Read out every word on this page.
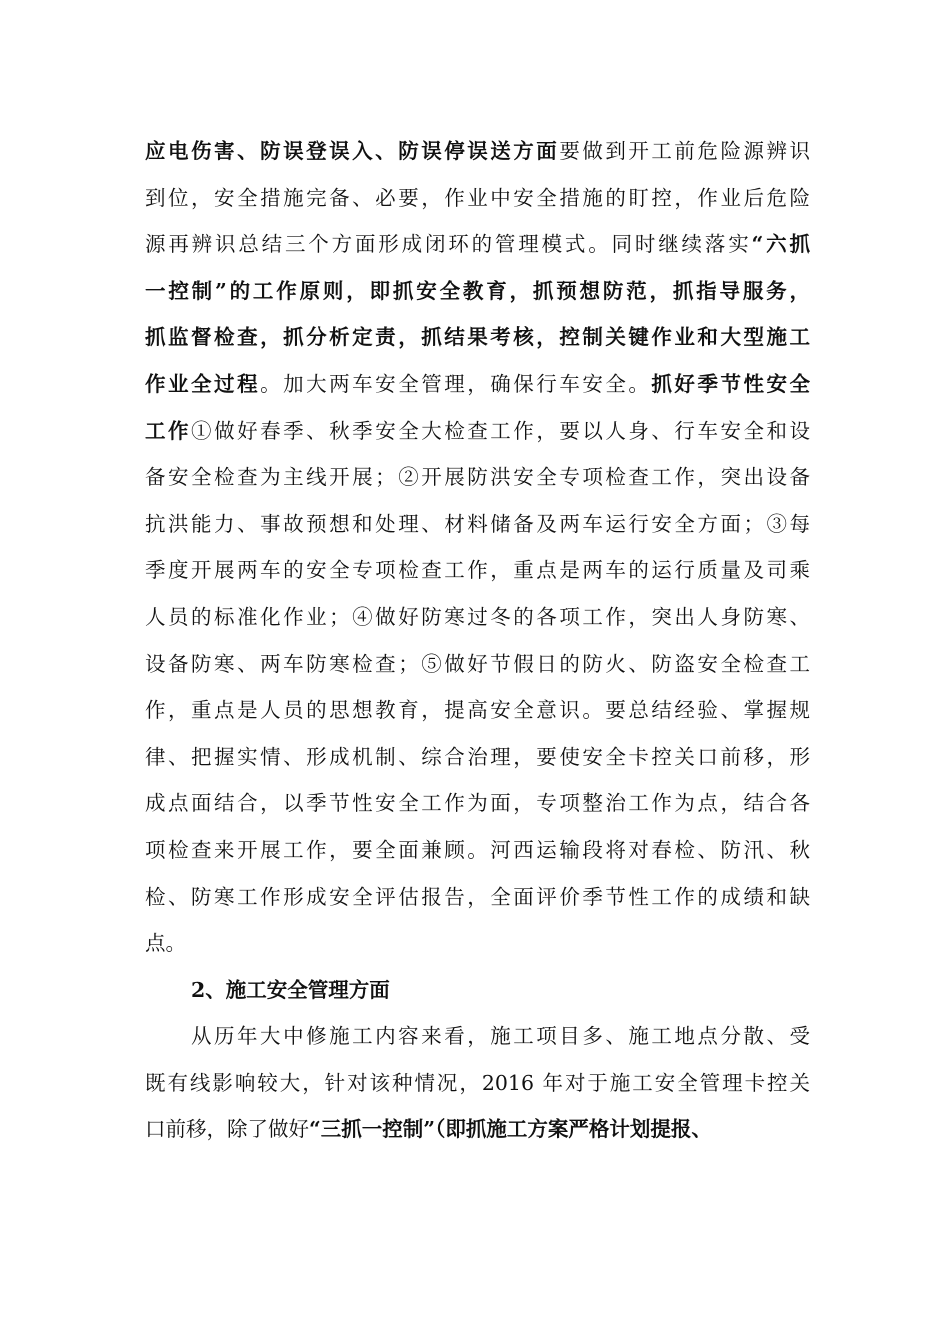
应电伤害、防误登误入、防误停误送方面要做到开工前危险源辨识
到位，安全措施完备、必要，作业中安全措施的盯控，作业后危险
源再辨识总结三个方面形成闭环的管理模式。同时继续落实“六抓
一控制”的工作原则，即抓安全教育，抓预想防范，抓指导服务，
抓监督检查，抓分析定责，抓结果考核，控制关键作业和大型施工
作业全过程。加大两车安全管理，确保行车安全。抓好季节性安全
工作①做好春季、秋季安全大检查工作，要以人身、行车安全和设
备安全检查为主线开展；②开展防洪安全专项检查工作，突出设备
抗洪能力、事故预想和处理、材料储备及两车运行安全方面；③每
季度开展两车的安全专项检查工作，重点是两车的运行质量及司乘
人员的标准化作业；④做好防寒过冬的各项工作，突出人身防寒、
设备防寒、两车防寒检查；⑤做好节假日的防火、防盗安全检查工
作，重点是人员的思想教育，提高安全意识。要总结经验、掌握规
律、把握实情、形成机制、综合治理，要使安全卡控关口前移，形
成点面结合，以季节性安全工作为面，专项整治工作为点，结合各
项检查来开展工作，要全面兼顾。河西运输段将对春检、防汛、秋
检、防寒工作形成安全评估报告，全面评价季节性工作的成绩和缺
点。
2、施工安全管理方面
从历年大中修施工内容来看，施工项目多、施工地点分散、受
既有线影响较大，针对该种情况，2016 年对于施工安全管理卡控关
口前移，除了做好“三抓一控制”（即抓施工方案严格计划提报、
